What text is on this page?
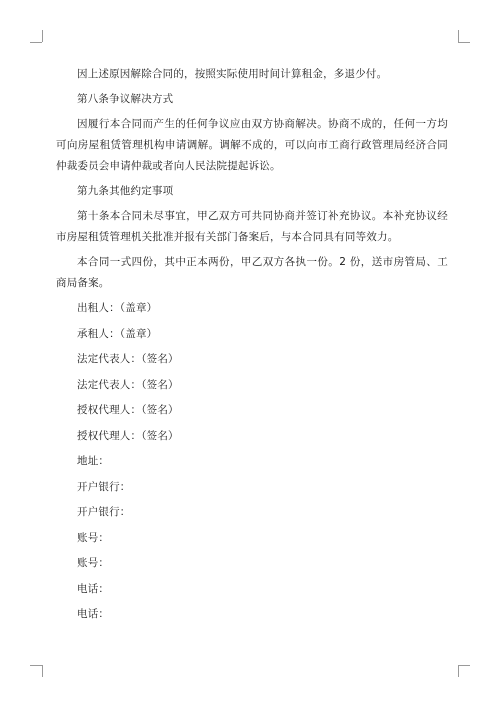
因上述原因解除合同的，按照实际使用时间计算租金，多退少付。

第八条争议解决方式

因履行本合同而产生的任何争议应由双方协商解决。协商不成的，任何一方均可向房屋租赁管理机构申请调解。调解不成的，可以向市工商行政管理局经济合同仲裁委员会申请仲裁或者向人民法院提起诉讼。

第九条其他约定事项

第十条本合同未尽事宜，甲乙双方可共同协商并签订补充协议。本补充协议经市房屋租赁管理机关批准并报有关部门备案后，与本合同具有同等效力。

本合同一式四份，其中正本两份，甲乙双方各执一份。2 份，送市房管局、工商局备案。

出租人：（盖章）

承租人：（盖章）

法定代表人：（签名）

法定代表人：（签名）

授权代理人：（签名）

授权代理人：（签名）

地址：

开户银行：

开户银行：

账号：

账号：

电话：

电话：
